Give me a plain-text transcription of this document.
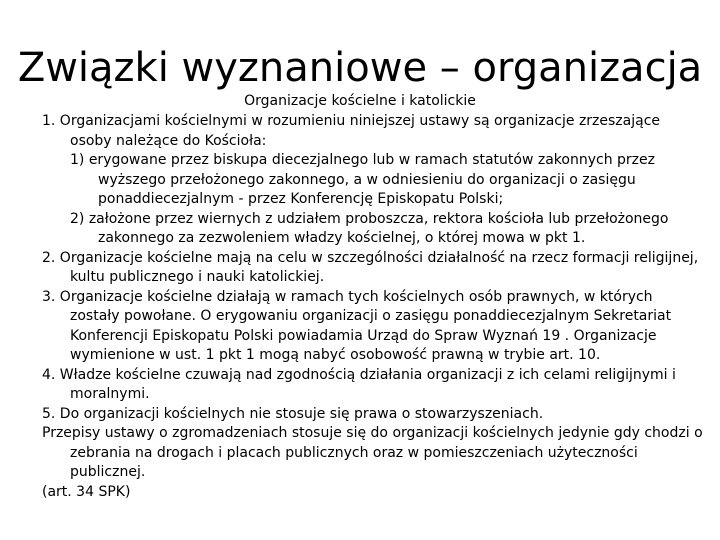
Związki wyznaniowe – organizacja
Organizacje kościelne i katolickie

1. Organizacjami kościelnymi w rozumieniu niniejszej ustawy są organizacje zrzeszające osoby należące do Kościoła:

1) erygowane przez biskupa diecezjalnego lub w ramach statutów zakonnych przez wyższego przełożonego zakonnego, a w odniesieniu do organizacji o zasięgu ponaddiecezjalnym - przez Konferencję Episkopatu Polski;

2) założone przez wiernych z udziałem proboszcza, rektora kościoła lub przełożonego zakonnego za zezwoleniem władzy kościelnej, o której mowa w pkt 1.

2. Organizacje kościelne mają na celu w szczególności działalność na rzecz formacji religijnej, kultu publicznego i nauki katolickiej.

3. Organizacje kościelne działają w ramach tych kościelnych osób prawnych, w których zostały powołane. O erygowaniu organizacji o zasięgu ponaddiecezjalnym Sekretariat Konferencji Episkopatu Polski powiadamia Urząd do Spraw Wyznań 19 . Organizacje wymienione w ust. 1 pkt 1 mogą nabyć osobowość prawną w trybie art. 10.

4. Władze kościelne czuwają nad zgodnością działania organizacji z ich celami religijnymi i moralnymi.

5. Do organizacji kościelnych nie stosuje się prawa o stowarzyszeniach.

Przepisy ustawy o zgromadzeniach stosuje się do organizacji kościelnych jedynie gdy chodzi o zebrania na drogach i placach publicznych oraz w pomieszczeniach użyteczności publicznej.

(art. 34 SPK)
